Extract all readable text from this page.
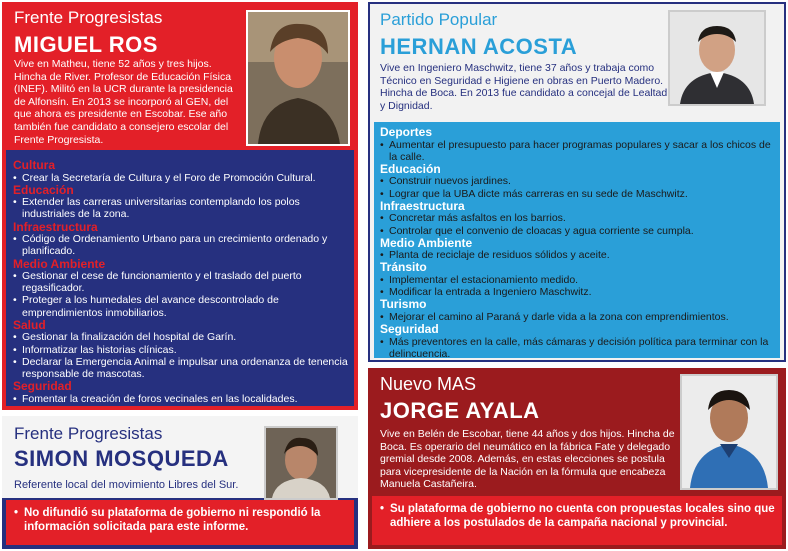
Frente Progresistas
MIGUEL ROS
Vive en Matheu, tiene 52 años y tres hijos. Hincha de River. Profesor de Educación Física (INEF). Militó en la UCR durante la presidencia de Alfonsín. En 2013 se incorporó al GEN, del que ahora es presidente en Escobar. Ese año también fue candidato a consejero escolar del Frente Progresista.
Cultura
• Crear la Secretaría de Cultura y el Foro de Promoción Cultural.
Educación
• Extender las carreras universitarias contemplando los polos industriales de la zona.
Infraestructura
• Código de Ordenamiento Urbano para un crecimiento ordenado y planificado.
Medio Ambiente
• Gestionar el cese de funcionamiento y el traslado del puerto regasificador.
• Proteger a los humedales del avance descontrolado de emprendimientos inmobiliarios.
Salud
• Gestionar la finalización del hospital de Garín.
• Informatizar las historias clínicas.
• Declarar la Emergencia Animal e impulsar una ordenanza de tenencia responsable de mascotas.
Seguridad
• Fomentar la creación de foros vecinales en las localidades.
Frente Progresistas
SIMON MOSQUEDA
Referente local del movimiento Libres del Sur.
• No difundió su plataforma de gobierno ni respondió la información solicitada para este informe.
Partido Popular
HERNAN ACOSTA
Vive en Ingeniero Maschwitz, tiene 37 años y trabaja como Técnico en Seguridad e Higiene en obras en Puerto Madero. Hincha de Boca. En 2013 fue candidato a concejal de Lealtad y Dignidad.
Deportes
• Aumentar el presupuesto para hacer programas populares y sacar a los chicos de la calle.
Educación
• Construir nuevos jardines.
• Lograr que la UBA dicte más carreras en su sede de Maschwitz.
Infraestructura
• Concretar más asfaltos en los barrios.
• Controlar que el convenio de cloacas y agua corriente se cumpla.
Medio Ambiente
• Planta de reciclaje de residuos sólidos y aceite.
Tránsito
• Implementar el estacionamiento medido.
• Modificar la entrada a Ingeniero Maschwitz.
Turismo
• Mejorar el camino al Paraná y darle vida a la zona con emprendimientos.
Seguridad
• Más preventores en la calle, más cámaras y decisión política para terminar con la delincuencia.
Nuevo MAS
JORGE AYALA
Vive en Belén de Escobar, tiene 44 años y dos hijos. Hincha de Boca. Es operario del neumático en la fábrica Fate y delegado gremial desde 2008. Además, en estas elecciones se postula para vicepresidente de la Nación en la fórmula que encabeza Manuela Castañeira.
• Su plataforma de gobierno no cuenta con propuestas locales sino que adhiere a los postulados de la campaña nacional y provincial.
